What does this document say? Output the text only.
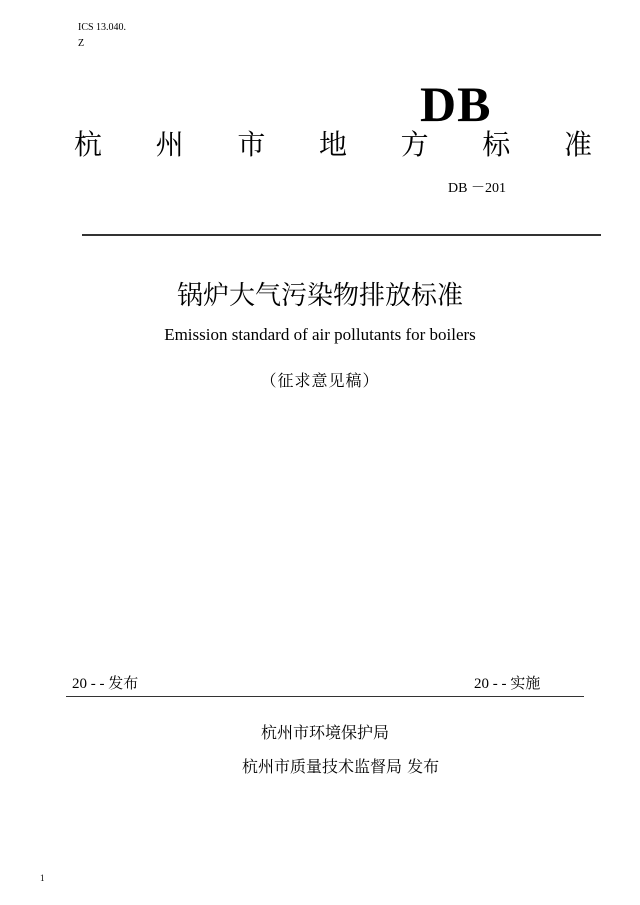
ICS 13.040.
Z
DB
杭 州 市 地 方 标 准
DB －201
锅炉大气污染物排放标准
Emission standard of air pollutants for boilers
（征求意见稿）
20 - - 发布	20 - - 实施
杭州市环境保护局
杭州市质量技术监督局 发布
1
